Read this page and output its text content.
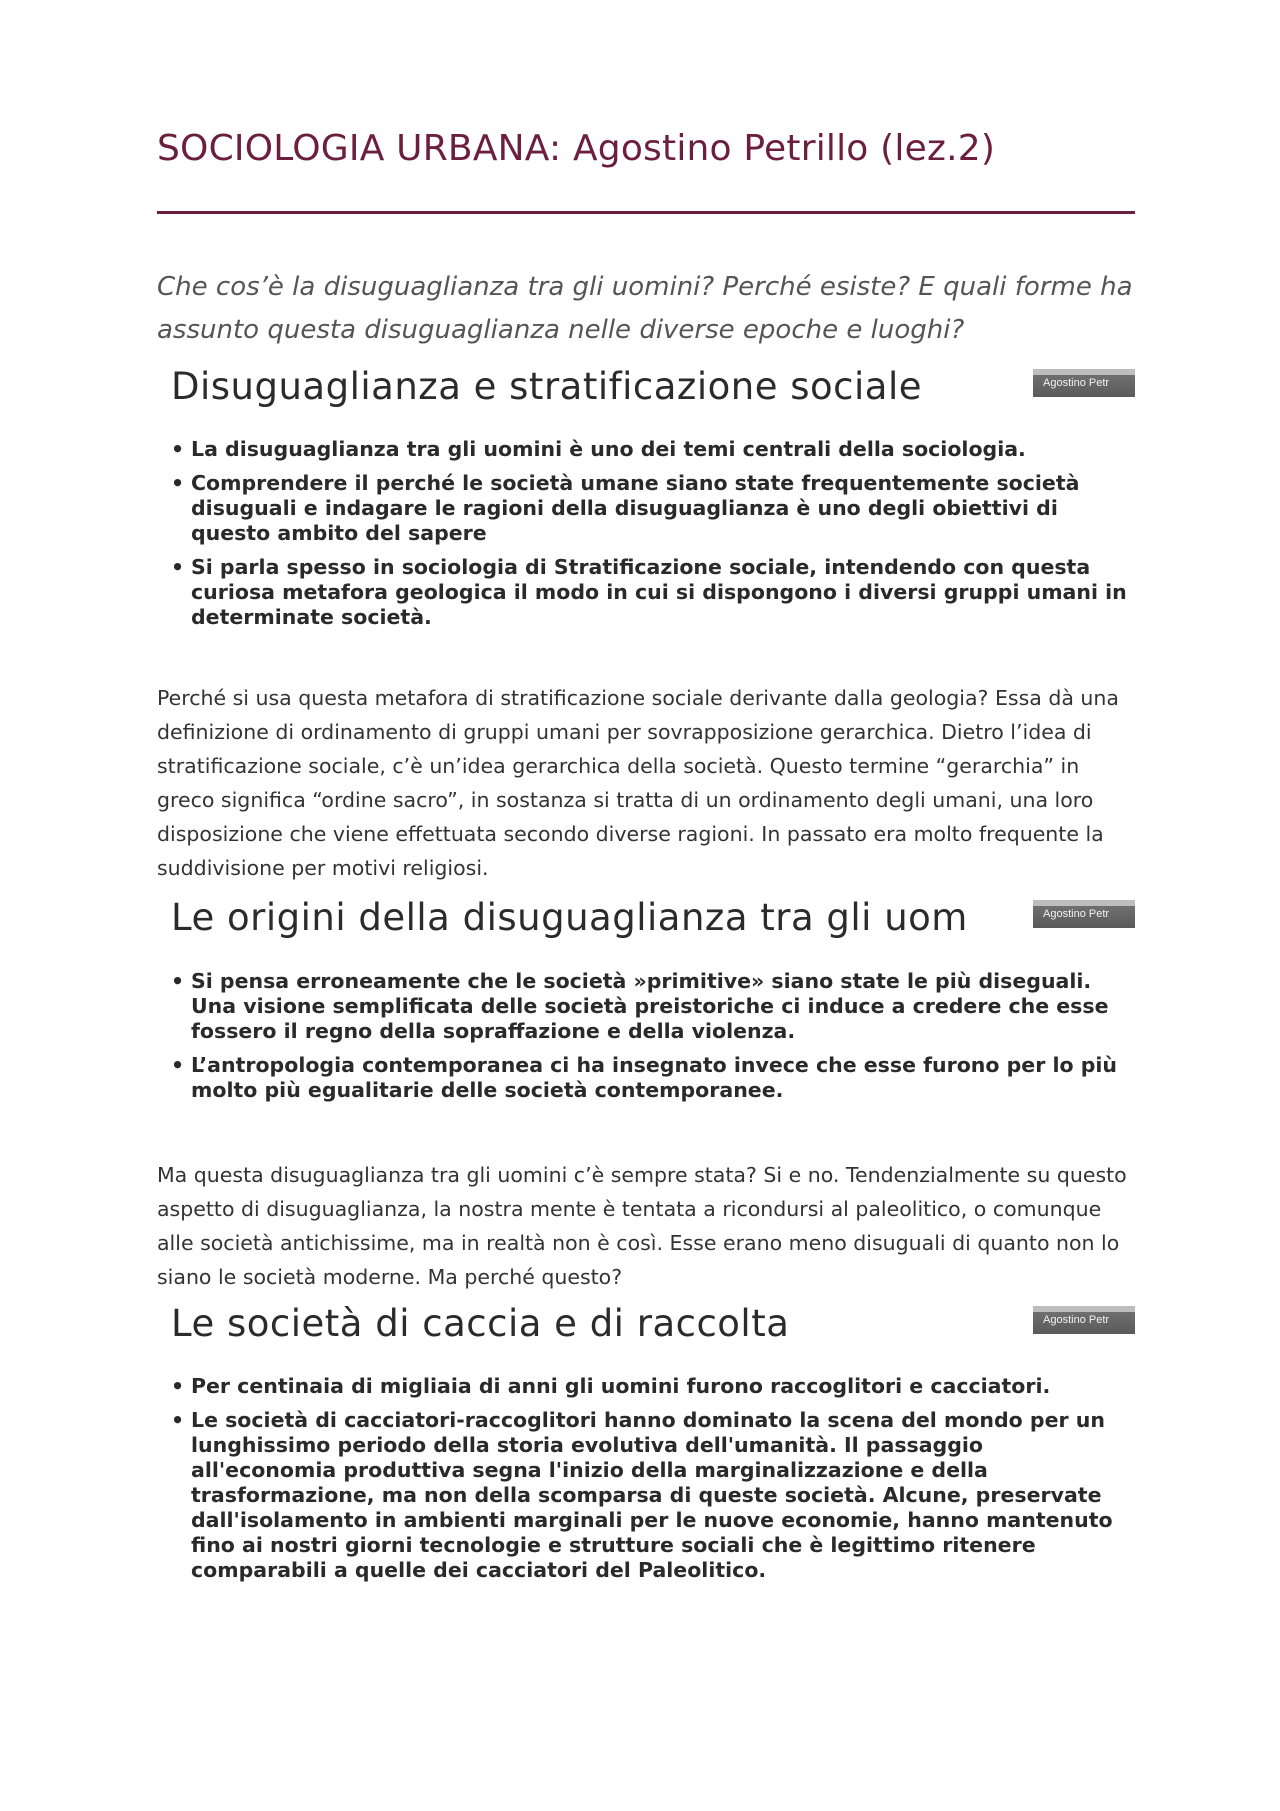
SOCIOLOGIA URBANA: Agostino Petrillo (lez.2)
Che cos’è la disuguaglianza tra gli uomini? Perché esiste? E quali forme ha assunto questa disuguaglianza nelle diverse epoche e luoghi?
Disuguaglianza e stratificazione sociale	Agostino Petr
• La disuguaglianza tra gli uomini è uno dei temi centrali della sociologia.
• Comprendere il perché le società umane siano state frequentemente società disuguali e indagare le ragioni della disuguaglianza è uno degli obiettivi di questo ambito del sapere
• Si parla spesso in sociologia di Stratificazione sociale, intendendo con questa curiosa metafora geologica il modo in cui si dispongono i diversi gruppi umani in determinate società.
Perché si usa questa metafora di stratificazione sociale derivante dalla geologia? Essa dà una definizione di ordinamento di gruppi umani per sovrapposizione gerarchica. Dietro l’idea di stratificazione sociale, c’è un’idea gerarchica della società. Questo termine “gerarchia” in greco significa “ordine sacro”, in sostanza si tratta di un ordinamento degli umani, una loro disposizione che viene effettuata secondo diverse ragioni. In passato era molto frequente la suddivisione per motivi religiosi.
Le origini della disuguaglianza tra gli uom	Agostino Petr
• Si pensa erroneamente che le società »primitive» siano state le più diseguali. Una visione semplificata delle società preistoriche ci induce a credere che esse fossero il regno della sopraffazione e della violenza.
• L’antropologia contemporanea ci ha insegnato invece che esse furono per lo più molto più egualitarie delle società contemporanee.
Ma questa disuguaglianza tra gli uomini c’è sempre stata? Si e no. Tendenzialmente su questo aspetto di disuguaglianza, la nostra mente è tentata a ricondursi al paleolitico, o comunque alle società antichissime, ma in realtà non è così. Esse erano meno disuguali di quanto non lo siano le società moderne. Ma perché questo?
Le società di caccia e di raccolta	Agostino Petr
• Per centinaia di migliaia di anni gli uomini furono raccoglitori e cacciatori.
• Le società di cacciatori-raccoglitori hanno dominato la scena del mondo per un lunghissimo periodo della storia evolutiva dell'umanità. Il passaggio all'economia produttiva segna l'inizio della marginalizzazione e della trasformazione, ma non della scomparsa di queste società. Alcune, preservate dall'isolamento in ambienti marginali per le nuove economie, hanno mantenuto fino ai nostri giorni tecnologie e strutture sociali che è legittimo ritenere comparabili a quelle dei cacciatori del Paleolitico.
